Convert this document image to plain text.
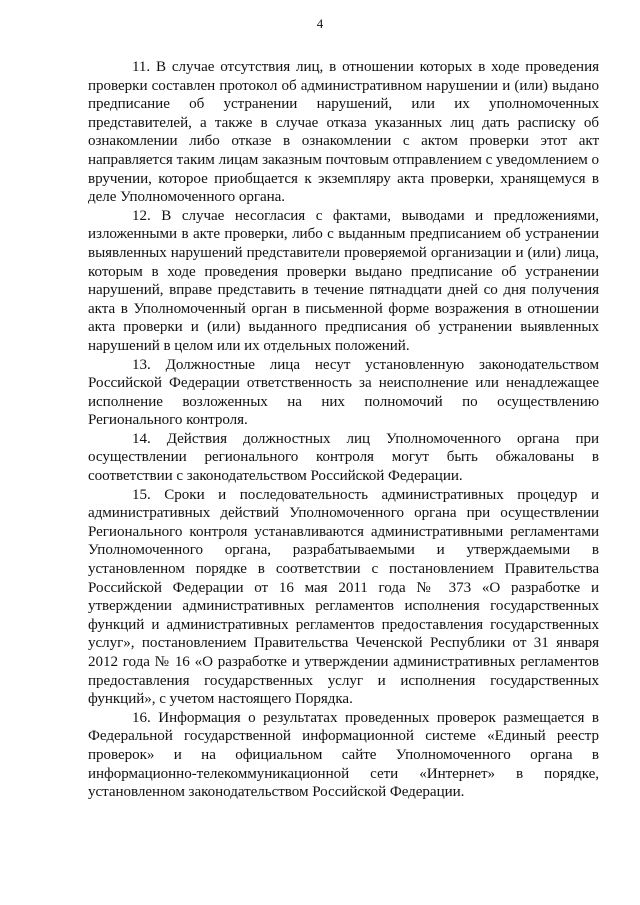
4

11. В случае отсутствия лиц, в отношении которых в ходе проведения проверки составлен протокол об административном нарушении и (или) выдано предписание об устранении нарушений, или их уполномоченных представителей, а также в случае отказа указанных лиц дать расписку об ознакомлении либо отказе в ознакомлении с актом проверки этот акт направляется таким лицам заказным почтовым отправлением с уведомлением о вручении, которое приобщается к экземпляру акта проверки, хранящемуся в деле Уполномоченного органа.

12. В случае несогласия с фактами, выводами и предложениями, изложенными в акте проверки, либо с выданным предписанием об устранении выявленных нарушений представители проверяемой организации и (или) лица, которым в ходе проведения проверки выдано предписание об устранении нарушений, вправе представить в течение пятнадцати дней со дня получения акта в Уполномоченный орган в письменной форме возражения в отношении акта проверки и (или) выданного предписания об устранении выявленных нарушений в целом или их отдельных положений.

13. Должностные лица несут установленную законодательством Российской Федерации ответственность за неисполнение или ненадлежащее исполнение возложенных на них полномочий по осуществлению Регионального контроля.

14. Действия должностных лиц Уполномоченного органа при осуществлении регионального контроля могут быть обжалованы в соответствии с законодательством Российской Федерации.

15. Сроки и последовательность административных процедур и административных действий Уполномоченного органа при осуществлении Регионального контроля устанавливаются административными регламентами Уполномоченного органа, разрабатываемыми и утверждаемыми в установленном порядке в соответствии с постановлением Правительства Российской Федерации от 16 мая 2011 года № 373 «О разработке и утверждении административных регламентов исполнения государственных функций и административных регламентов предоставления государственных услуг», постановлением Правительства Чеченской Республики от 31 января 2012 года № 16 «О разработке и утверждении административных регламентов предоставления государственных услуг и исполнения государственных функций», с учетом настоящего Порядка.

16. Информация о результатах проведенных проверок размещается в Федеральной государственной информационной системе «Единый реестр проверок» и на официальном сайте Уполномоченного органа в информационно-телекоммуникационной сети «Интернет» в порядке, установленном законодательством Российской Федерации.
